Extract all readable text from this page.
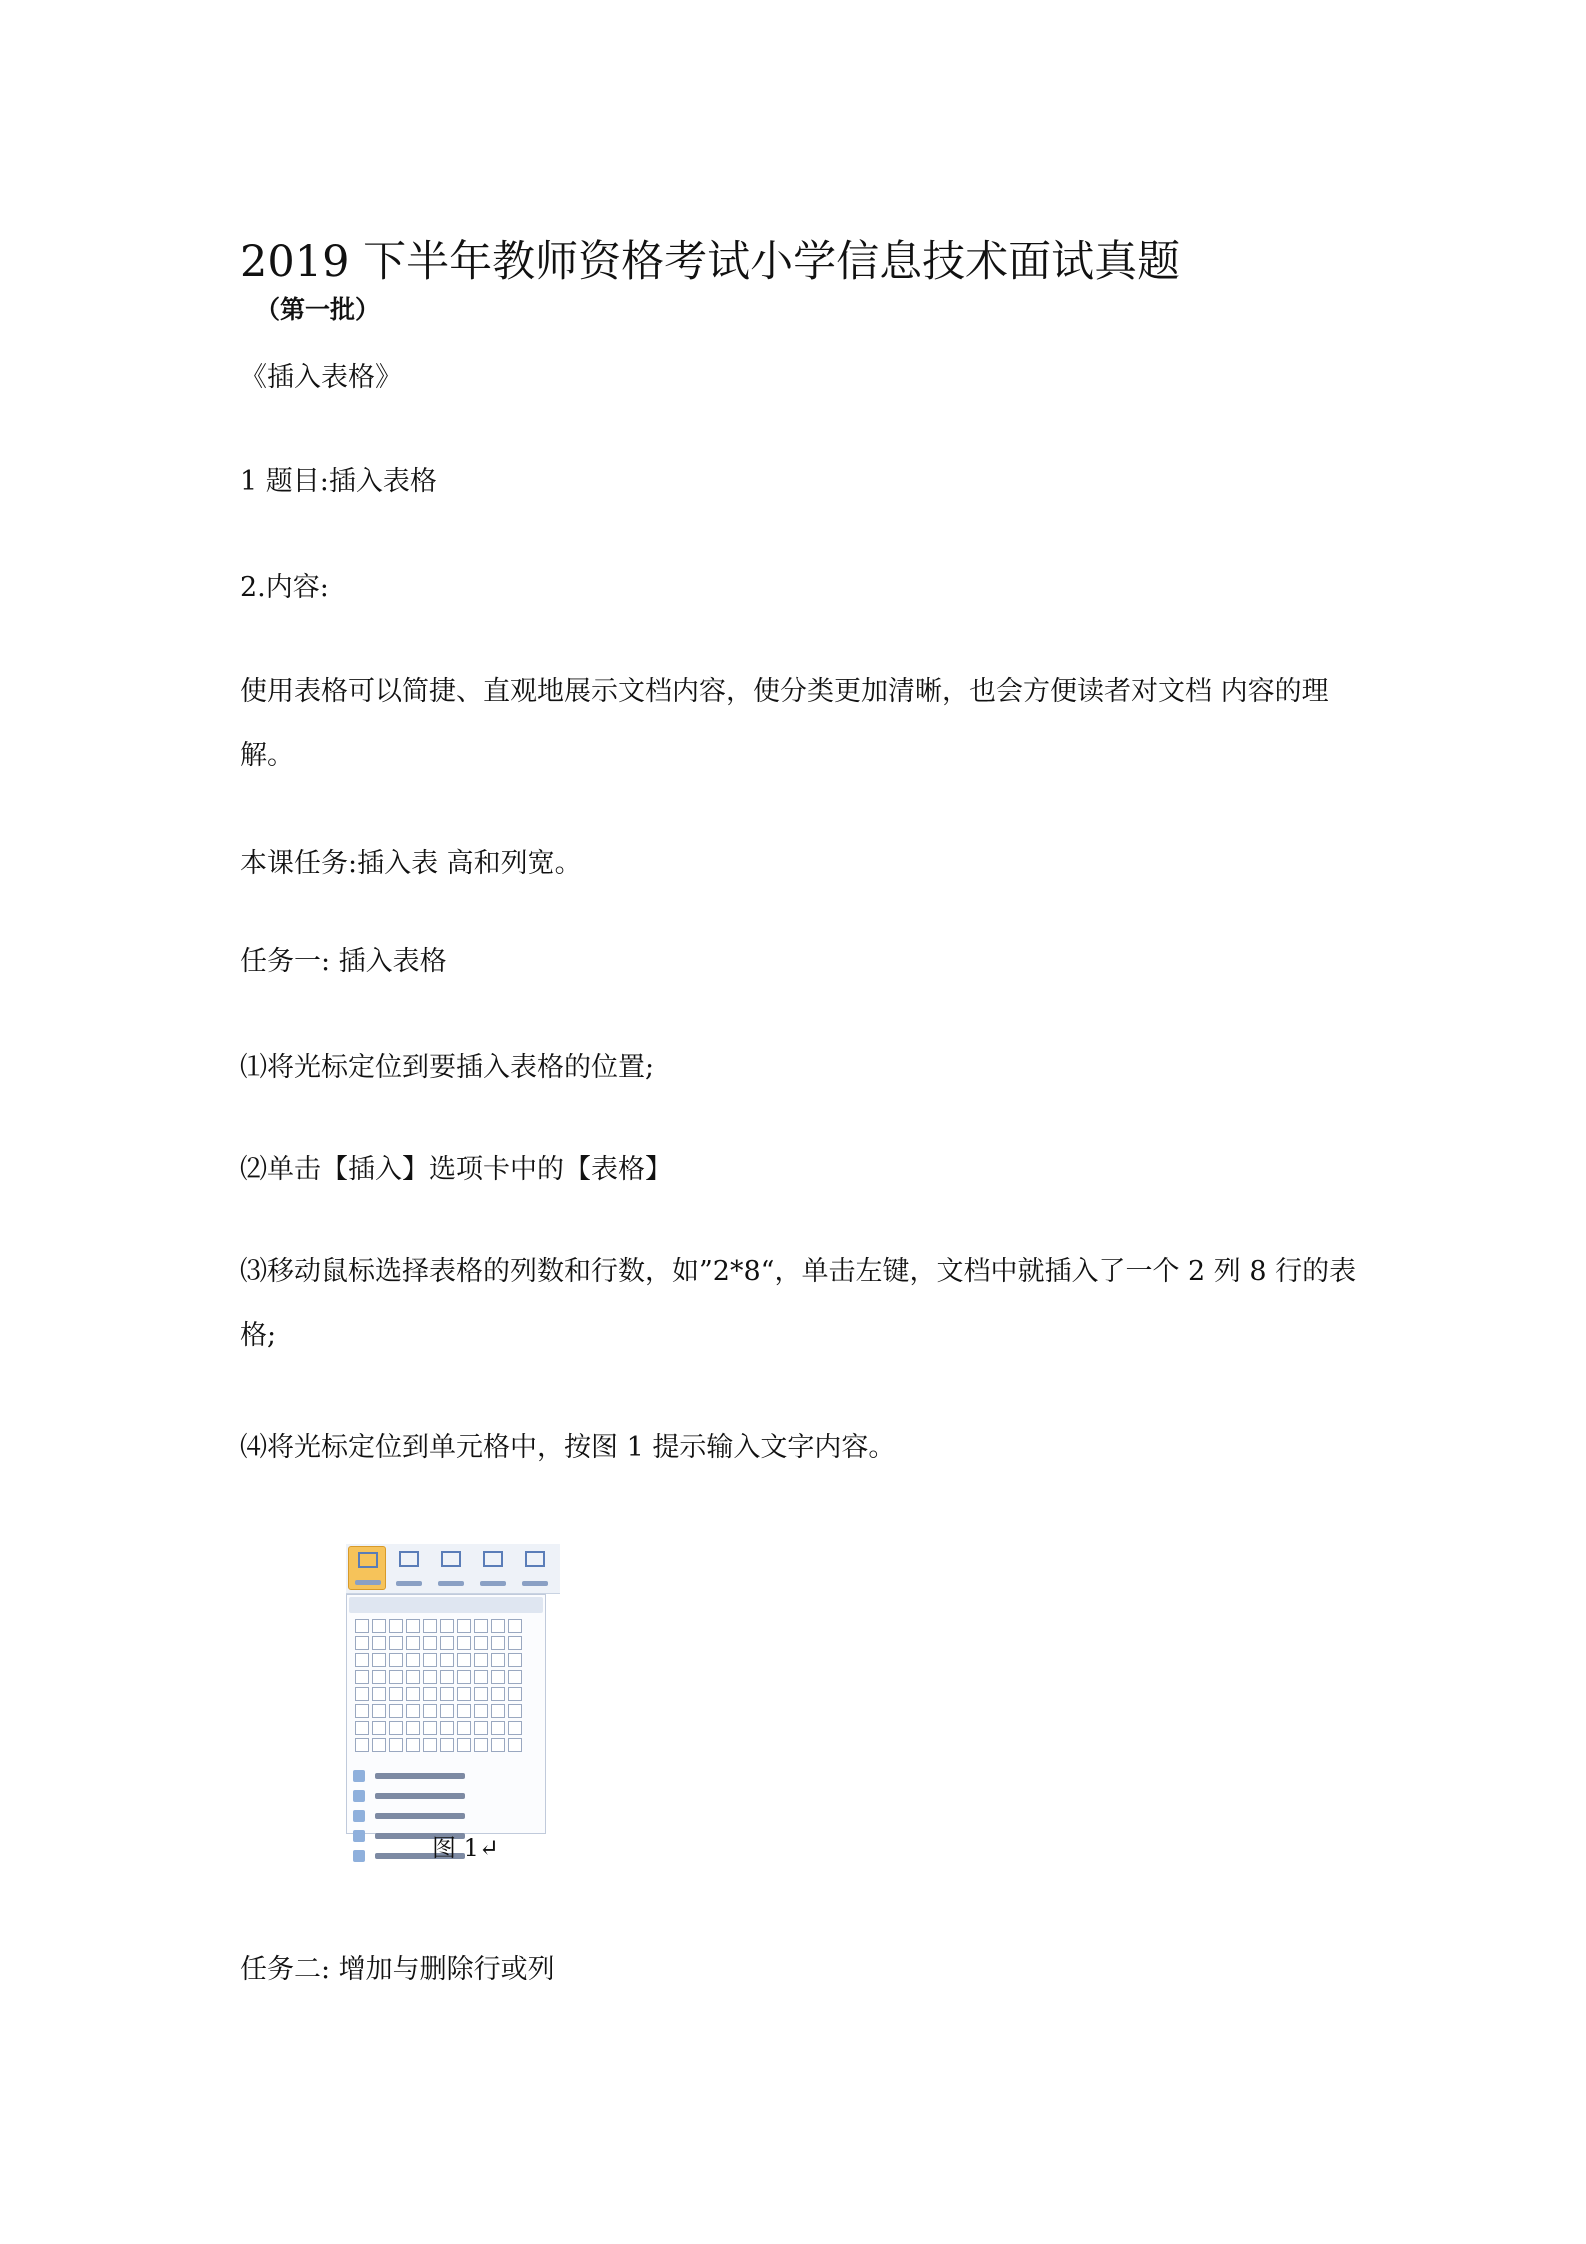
2019 下半年教师资格考试小学信息技术面试真题
（第一批）
《插入表格》
1 题目:插入表格
2.内容:
使用表格可以简捷、直观地展示文档内容，使分类更加清晰，也会方便读者对文档 内容的理解。
本课任务:插入表 高和列宽。
任务一: 插入表格
⑴将光标定位到要插入表格的位置;
⑵单击【插入】选项卡中的【表格】
⑶移动鼠标选择表格的列数和行数，如”2*8“，单击左键，文档中就插入了一个 2 列 8 行的表格;
⑷将光标定位到单元格中，按图 1 提示输入文字内容。
图 1↵
任务二: 增加与删除行或列
